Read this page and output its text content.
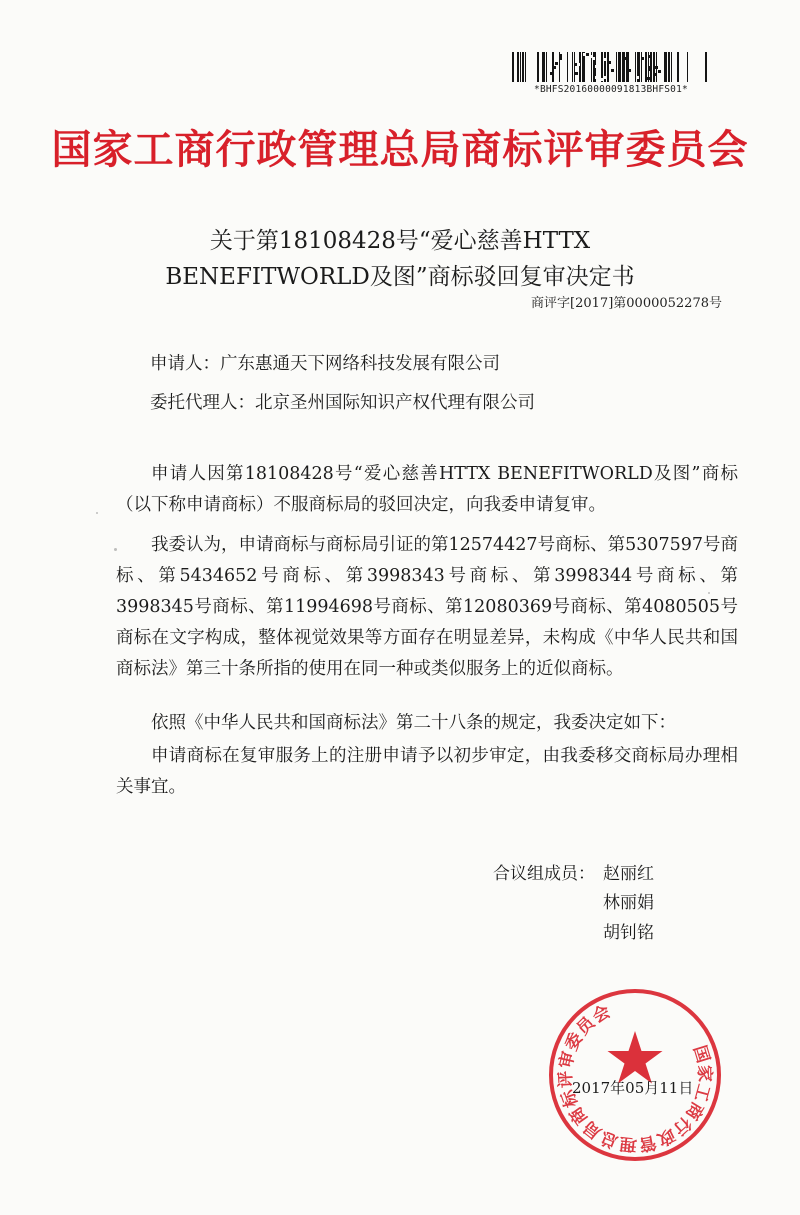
*BHFS20160000091813BHFS01*
国家工商行政管理总局商标评审委员会
关于第18108428号“爱心慈善HTTX
BENEFITWORLD及图”商标驳回复审决定书
商评字[2017]第0000052278号
申请人：广东惠通天下网络科技发展有限公司
委托代理人：北京圣州国际知识产权代理有限公司
申请人因第18108428号“爱心慈善HTTX BENEFITWORLD及图”商标（以下称申请商标）不服商标局的驳回决定，向我委申请复审。
我委认为，申请商标与商标局引证的第12574427号商标、第5307597号商标、第5434652号商标、第3998343号商标、第3998344号商标、第3998345号商标、第11994698号商标、第12080369号商标、第4080505号商标在文字构成，整体视觉效果等方面存在明显差异，未构成《中华人民共和国商标法》第三十条所指的使用在同一种或类似服务上的近似商标。
依照《中华人民共和国商标法》第二十八条的规定，我委决定如下：
申请商标在复审服务上的注册申请予以初步审定，由我委移交商标局办理相关事宜。
合议组成员： 赵丽红
林丽娟
胡钊铭
国家工商行政管理总局商标评审委员会
2017年05月11日
